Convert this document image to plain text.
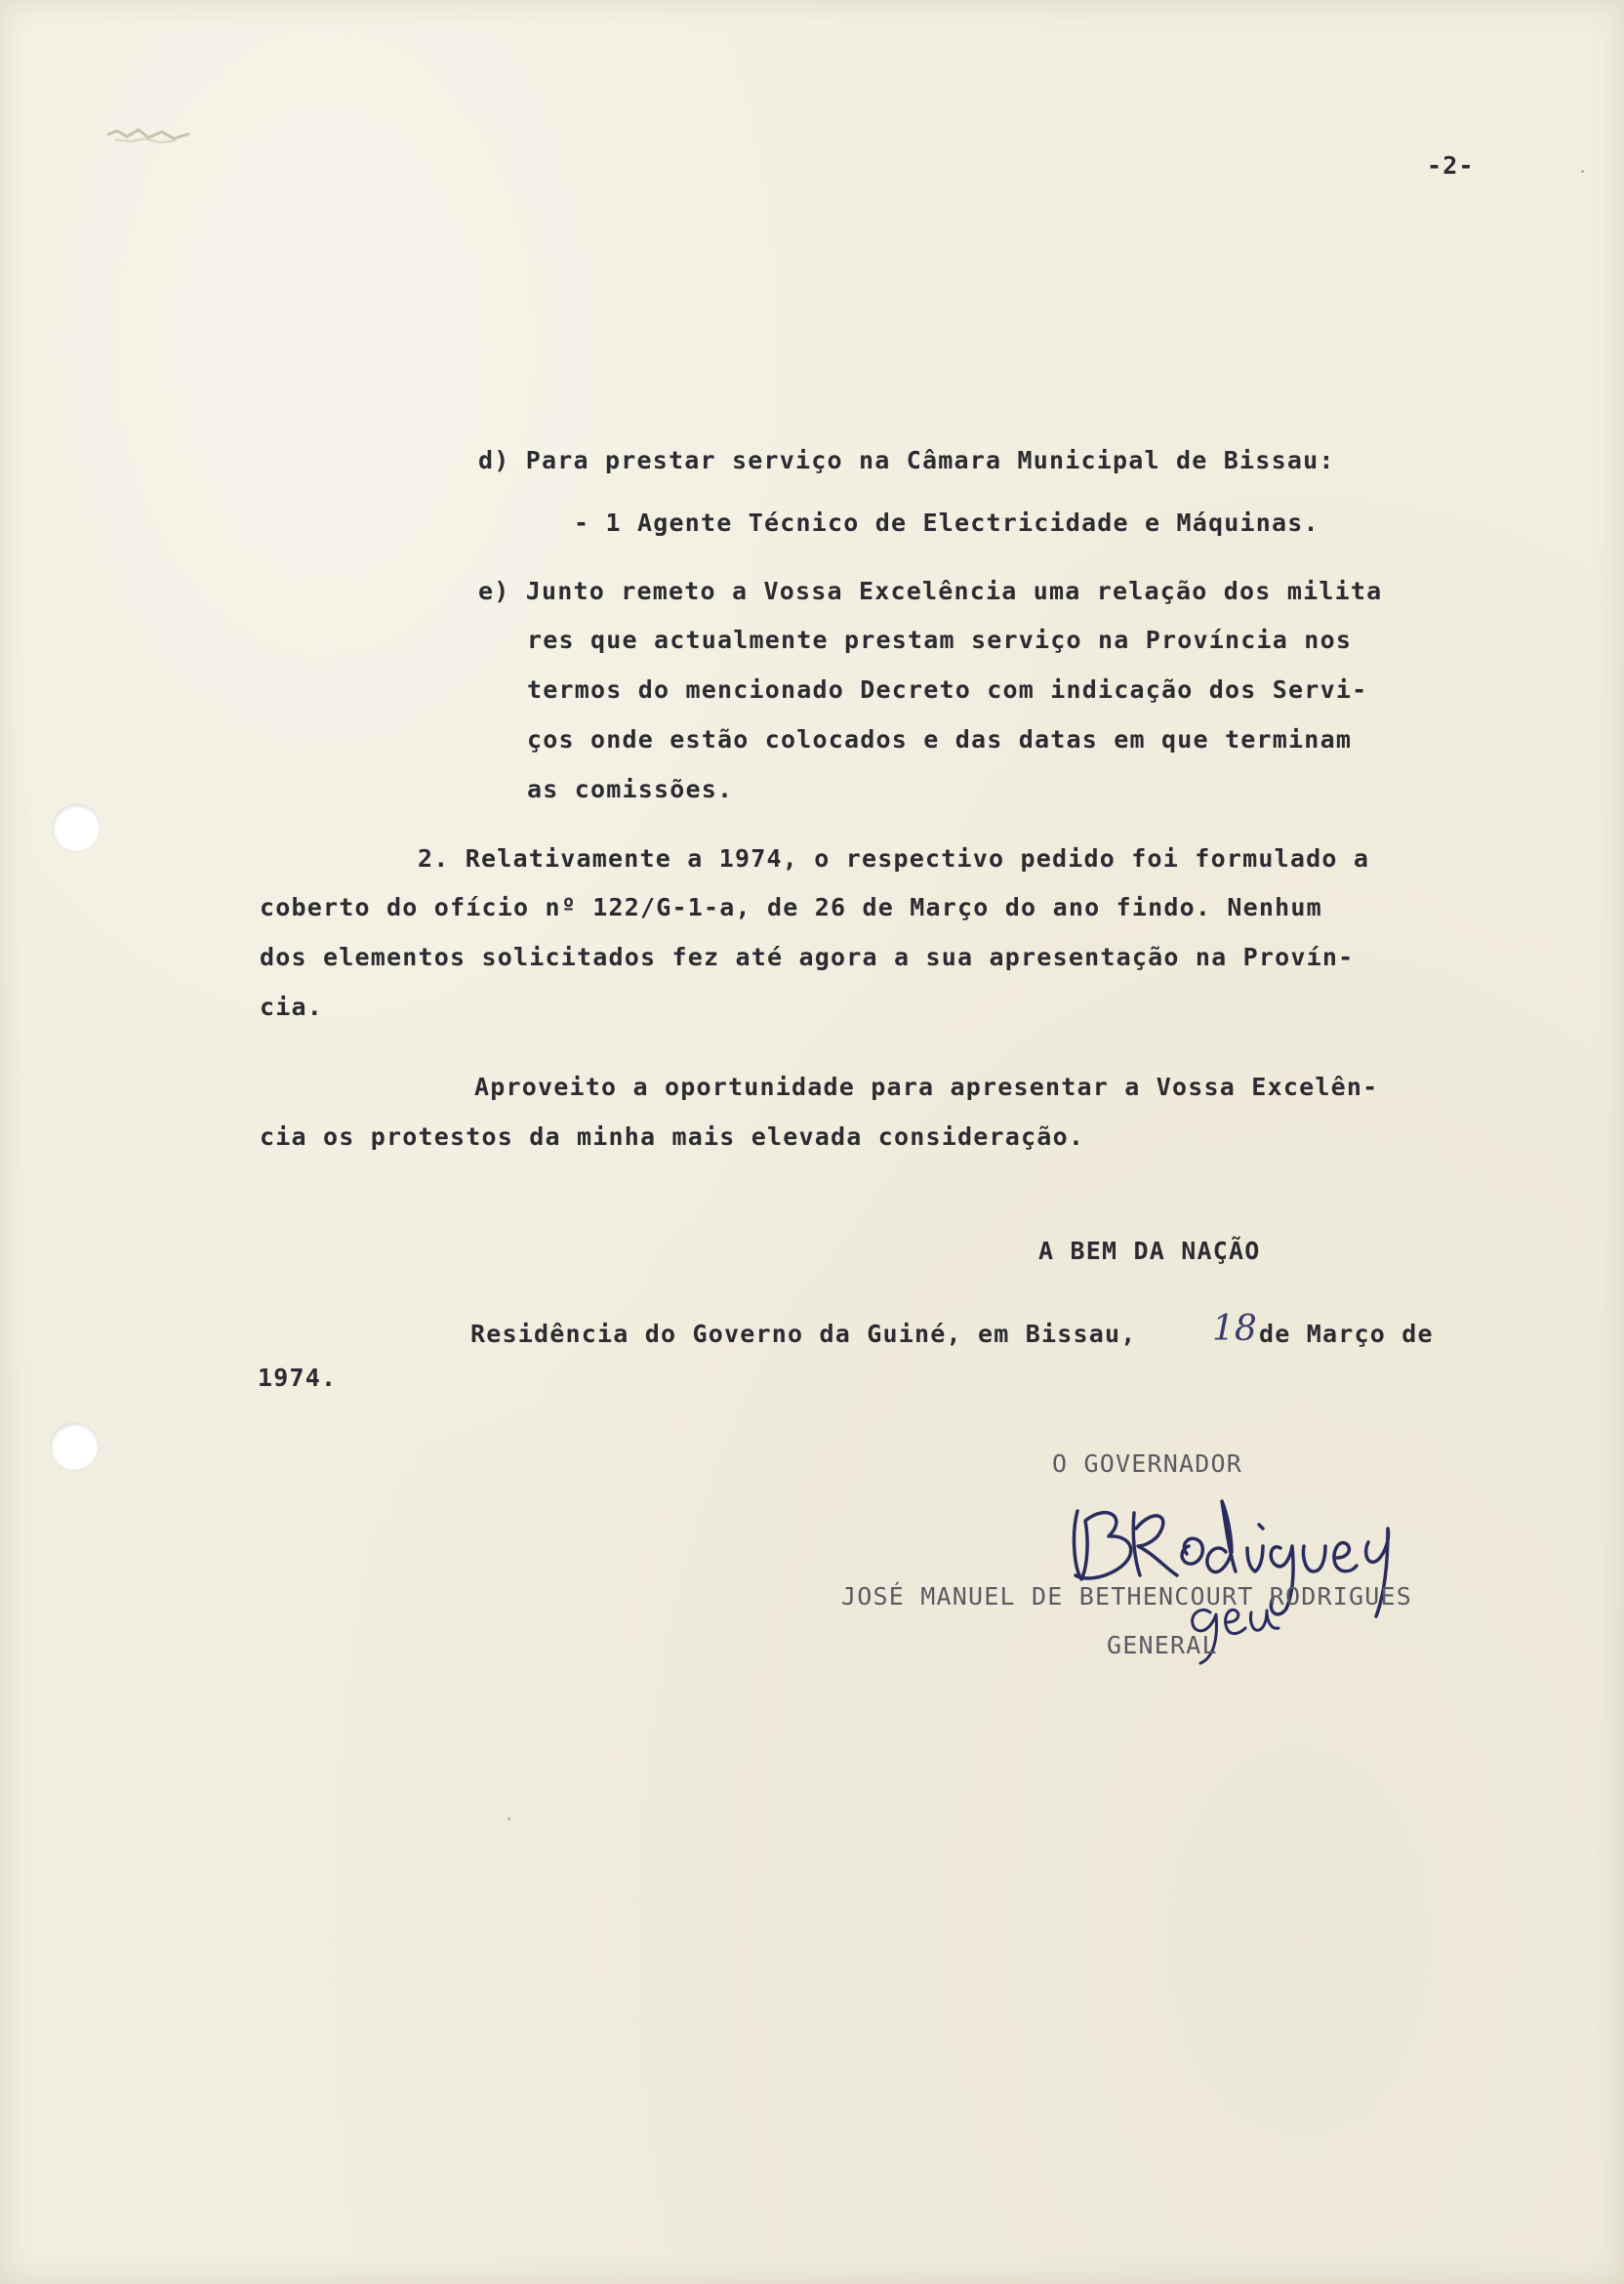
-2-
d) Para prestar serviço na Câmara Municipal de Bissau:
- 1 Agente Técnico de Electricidade e Máquinas.
e) Junto remeto a Vossa Excelência uma relação dos milita
res que actualmente prestam serviço na Província nos
termos do mencionado Decreto com indicação dos Servi-
ços onde estão colocados e das datas em que terminam
as comissões.
2. Relativamente a 1974, o respectivo pedido foi formulado a
coberto do ofício nº 122/G-1-a, de 26 de Março do ano findo. Nenhum
dos elementos solicitados fez até agora a sua apresentação na Provín-
cia.
Aproveito a oportunidade para apresentar a Vossa Excelên-
cia os protestos da minha mais elevada consideração.
A BEM DA NAÇÃO
Residência do Governo da Guiné, em Bissau, 18 de Março de
1974.
O GOVERNADOR
JOSÉ MANUEL DE BETHENCOURT RODRIGUES
GENERAL
